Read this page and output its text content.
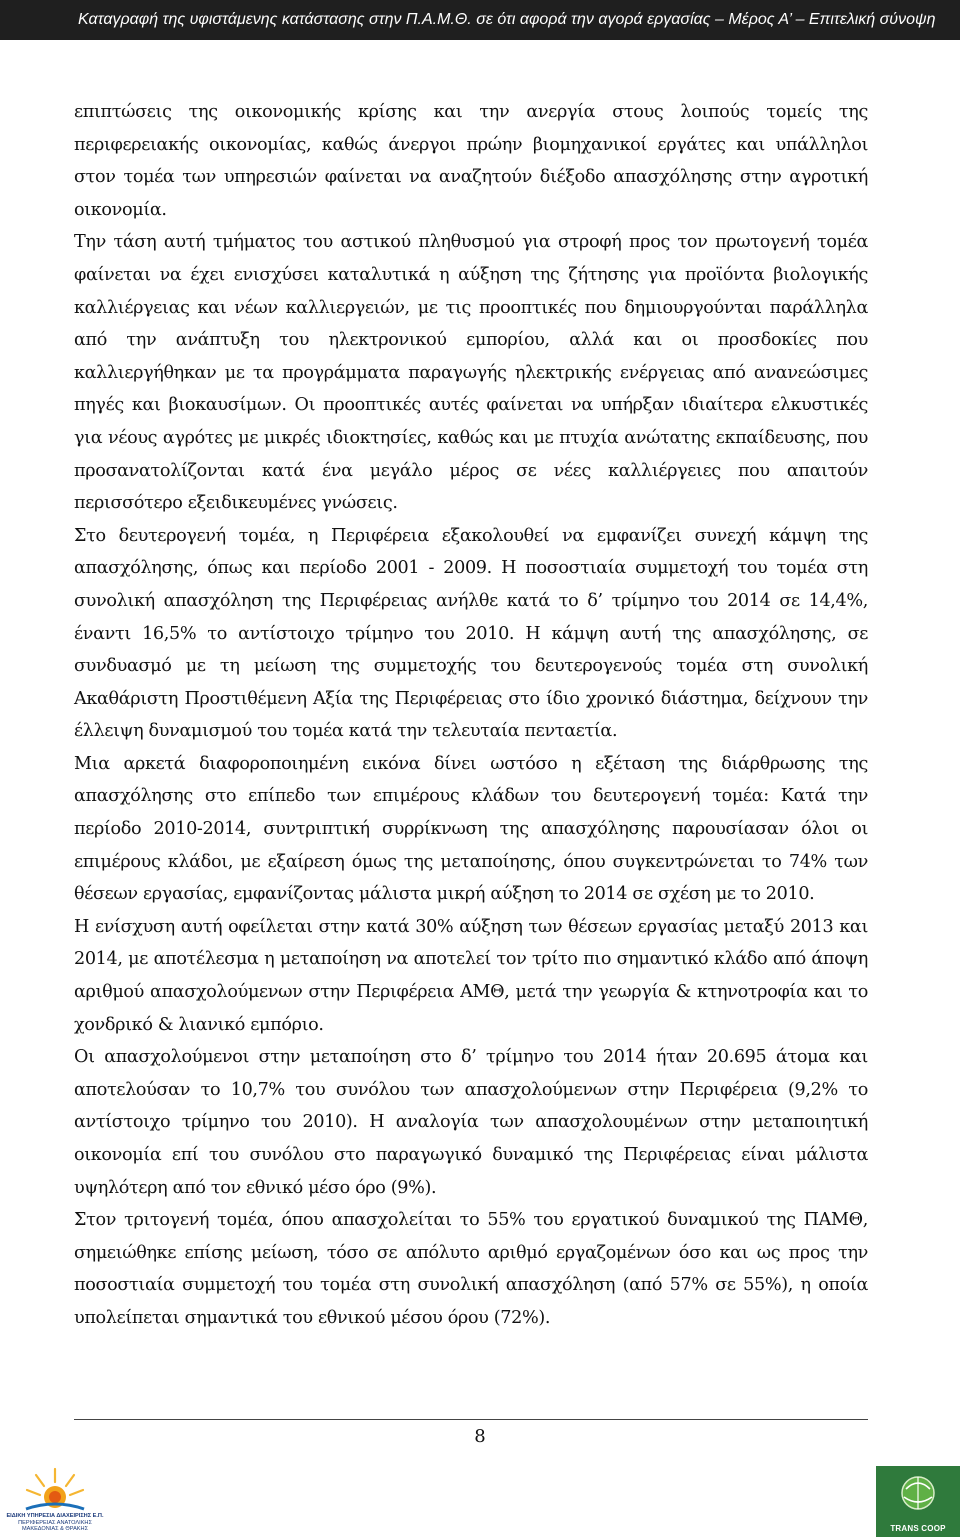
Καταγραφή της υφιστάμενης κατάστασης στην Π.Α.Μ.Θ. σε ότι αφορά την αγορά εργασίας – Μέρος Α’ – Επιτελική σύνοψη

επιπτώσεις της οικονομικής κρίσης και την ανεργία στους λοιπούς τομείς της περιφερειακής οικονομίας, καθώς άνεργοι πρώην βιομηχανικοί εργάτες και υπάλληλοι στον τομέα των υπηρεσιών φαίνεται να αναζητούν διέξοδο απασχόλησης στην αγροτική οικονομία.

Την τάση αυτή τμήματος του αστικού πληθυσμού για στροφή προς τον πρωτογενή τομέα φαίνεται να έχει ενισχύσει καταλυτικά η αύξηση της ζήτησης για προϊόντα βιολογικής καλλιέργειας και νέων καλλιεργειών, με τις προοπτικές που δημιουργούνται παράλληλα από την ανάπτυξη του ηλεκτρονικού εμπορίου, αλλά και οι προσδοκίες που καλλιεργήθηκαν με τα προγράμματα παραγωγής ηλεκτρικής ενέργειας από ανανεώσιμες πηγές και βιοκαυσίμων. Οι προοπτικές αυτές φαίνεται να υπήρξαν ιδιαίτερα ελκυστικές για νέους αγρότες με μικρές ιδιοκτησίες, καθώς και με πτυχία ανώτατης εκπαίδευσης, που προσανατολίζονται κατά ένα μεγάλο μέρος σε νέες καλλιέργειες που απαιτούν περισσότερο εξειδικευμένες γνώσεις.

Στο δευτερογενή τομέα, η Περιφέρεια εξακολουθεί να εμφανίζει συνεχή κάμψη της απασχόλησης, όπως και περίοδο 2001 - 2009. Η ποσοστιαία συμμετοχή του τομέα στη συνολική απασχόληση της Περιφέρειας ανήλθε κατά το δ’ τρίμηνο του 2014 σε 14,4%, έναντι 16,5% το αντίστοιχο τρίμηνο του 2010. Η κάμψη αυτή της απασχόλησης, σε συνδυασμό με τη μείωση της συμμετοχής του δευτερογενούς τομέα στη συνολική Ακαθάριστη Προστιθέμενη Αξία της Περιφέρειας στο ίδιο χρονικό διάστημα, δείχνουν την έλλειψη δυναμισμού του τομέα κατά την τελευταία πενταετία.

Μια αρκετά διαφοροποιημένη εικόνα δίνει ωστόσο η εξέταση της διάρθρωσης της απασχόλησης στο επίπεδο των επιμέρους κλάδων του δευτερογενή τομέα: Κατά την περίοδο 2010-2014, συντριπτική συρρίκνωση της απασχόλησης παρουσίασαν όλοι οι επιμέρους κλάδοι, με εξαίρεση όμως της μεταποίησης, όπου συγκεντρώνεται το 74% των θέσεων εργασίας, εμφανίζοντας μάλιστα μικρή αύξηση το 2014 σε σχέση με το 2010.

Η ενίσχυση αυτή οφείλεται στην κατά 30% αύξηση των θέσεων εργασίας μεταξύ 2013 και 2014, με αποτέλεσμα η μεταποίηση να αποτελεί τον τρίτο πιο σημαντικό κλάδο από άποψη αριθμού απασχολούμενων στην Περιφέρεια ΑΜΘ, μετά την γεωργία & κτηνοτροφία και το χονδρικό & λιανικό εμπόριο.

Οι απασχολούμενοι στην μεταποίηση στο δ’ τρίμηνο του 2014 ήταν 20.695 άτομα και αποτελούσαν το 10,7% του συνόλου των απασχολούμενων στην Περιφέρεια (9,2% το αντίστοιχο τρίμηνο του 2010). Η αναλογία των απασχολουμένων στην μεταποιητική οικονομία επί του συνόλου στο παραγωγικό δυναμικό της Περιφέρειας είναι μάλιστα υψηλότερη από τον εθνικό μέσο όρο (9%).

Στον τριτογενή τομέα, όπου απασχολείται το 55% του εργατικού δυναμικού της ΠΑΜΘ, σημειώθηκε επίσης μείωση, τόσο σε απόλυτο αριθμό εργαζομένων όσο και ως προς την ποσοστιαία συμμετοχή του τομέα στη συνολική απασχόληση (από 57% σε 55%), η οποία υπολείπεται σημαντικά του εθνικού μέσου όρου (72%).

8
ΕΙΔΙΚΗ ΥΠΗΡΕΣΙΑ ΔΙΑΧΕΙΡΙΣΗΣ Ε.Π.
ΠΕΡΙΦΕΡΕΙΑΣ ΑΝΑΤΟΛΙΚΗΣ ΜΑΚΕΔΟΝΙΑΣ & ΘΡΑΚΗΣ	TRANS COOP
